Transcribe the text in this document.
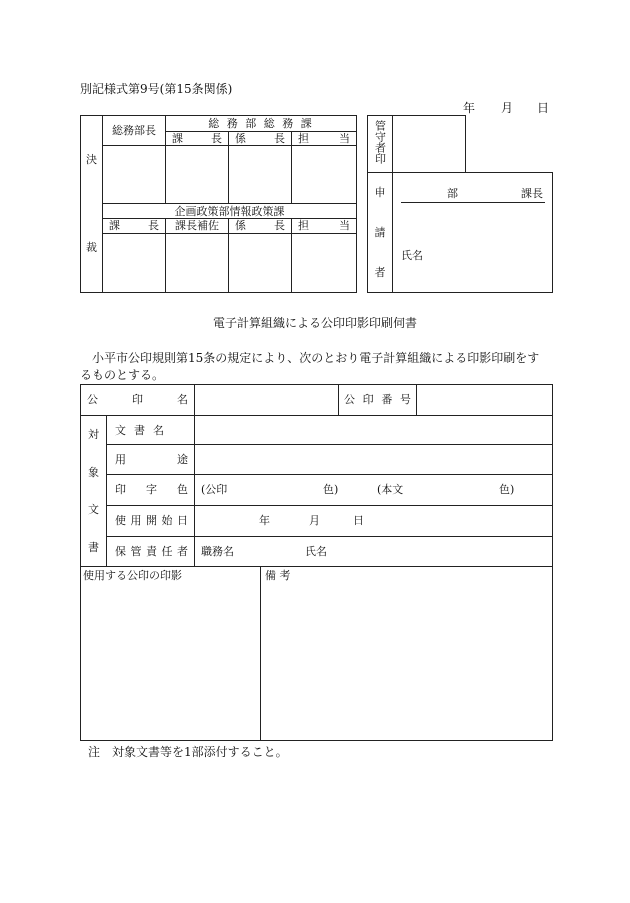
別記様式第9号(第15条関係)
年 月 日
決
裁	総務部長	総 務 部 総 務 課		

		課 長	係 長	担 当

	企画政策部情報政策課			

	課 長	課長補佐	係 長	担 当

管守者印	
申
請
者

部	課長
氏名
電子計算組織による公印印影印刷伺書
小平市公印規則第15条の規定により、次のとおり電子計算組織による印影印刷をするものとする。
公 印 名				公 印 番 号	

対
象
文
書	文 書 名				

	用 途				

	印 字 色	(公印 色) (本文 色)			

	使 用 開 始 日	年 月 日			

	保 管 責 任 者	職務名 氏名			

使用する公印の印影			備 考		
注　対象文書等を1部添付すること。
